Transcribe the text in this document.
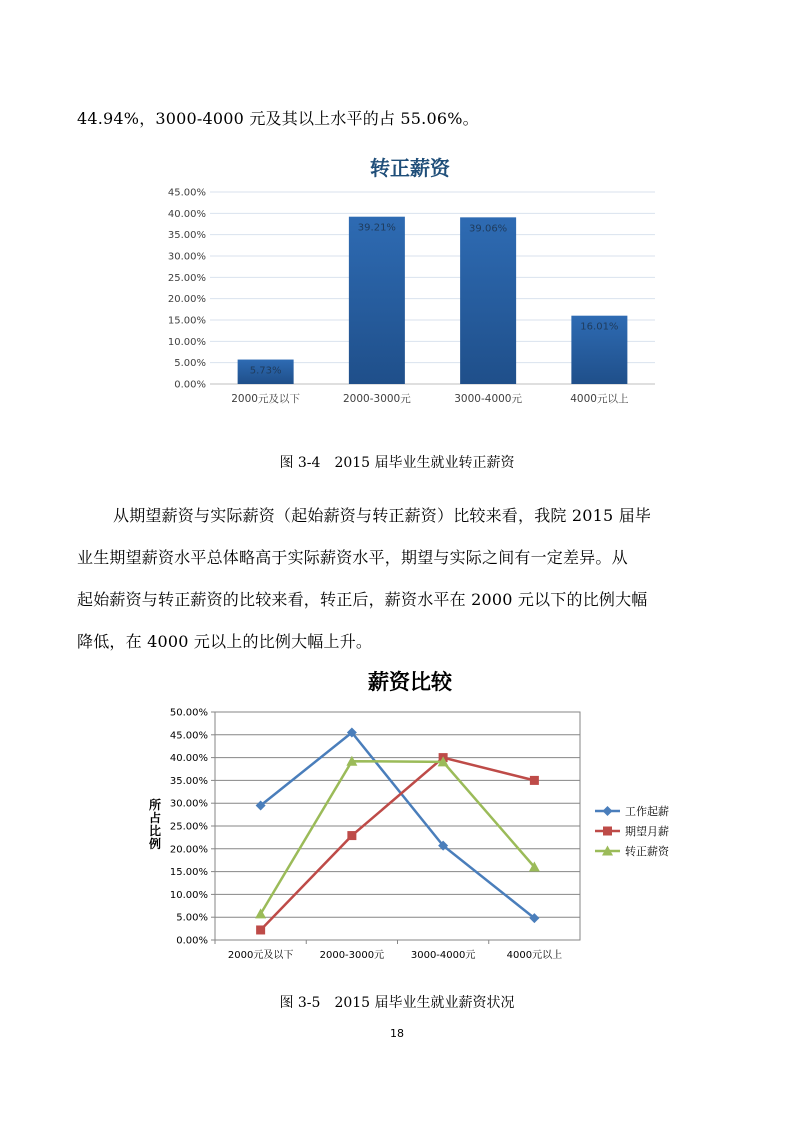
44.94%，3000-4000 元及其以上水平的占 55.06%。
转正薪资
0.00%
5.00%
10.00%
15.00%
20.00%
25.00%
30.00%
35.00%
40.00%
45.00%
5.73%
2000元及以下
39.21%
2000-3000元
39.06%
3000-4000元
16.01%
4000元以上
图 3-4　2015 届毕业生就业转正薪资
从期望薪资与实际薪资（起始薪资与转正薪资）比较来看，我院 2015 届毕
业生期望薪资水平总体略高于实际薪资水平，期望与实际之间有一定差异。从
起始薪资与转正薪资的比较来看，转正后，薪资水平在 2000 元以下的比例大幅
降低，在 4000 元以上的比例大幅上升。
薪资比较
0.00%
5.00%
10.00%
15.00%
20.00%
25.00%
30.00%
35.00%
40.00%
45.00%
50.00%
所占比例
2000元及以下	2000-3000元	3000-4000元	4000元以上
工作起薪
期望月薪
转正薪资
图 3-5　2015 届毕业生就业薪资状况
18
